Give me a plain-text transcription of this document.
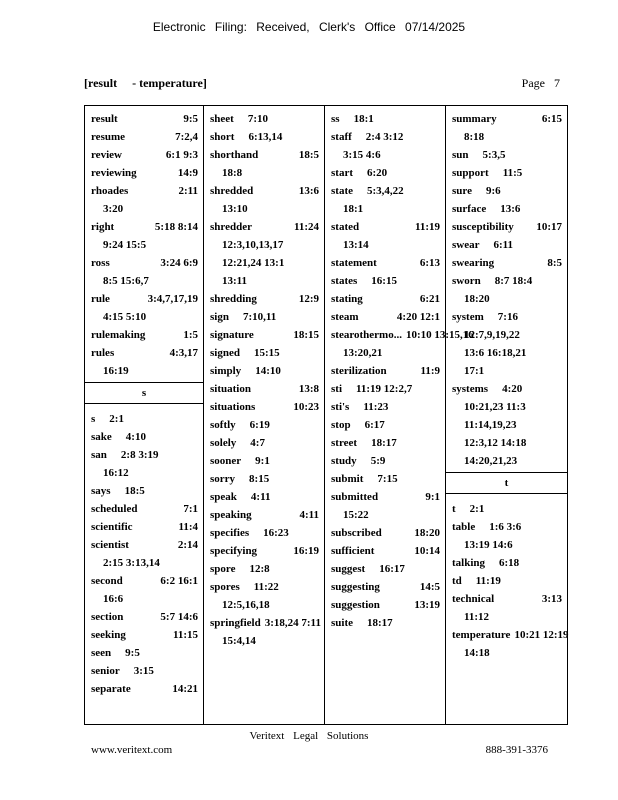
Electronic Filing: Received, Clerk's Office 07/14/2025
[result     - temperature]	Page 7
result	9:5
resume	7:2,4
review	6:1 9:3
reviewing	14:9
rhoades	2:11
3:20
right	5:18 8:14
9:24 15:5
ross	3:24 6:9
8:5 15:6,7
rule	3:4,7,17,19
4:15 5:10
rulemaking	1:5
rules	4:3,17
16:19
s
s	2:1
sake	4:10
san	2:8 3:19
16:12
says	18:5
scheduled	7:1
scientific	11:4
scientist	2:14
2:15 3:13,14
second	6:2 16:1
16:6
section	5:7 14:6
seeking	11:15
seen	9:5
senior	3:15
separate	14:21
sheet	7:10
short	6:13,14
shorthand	18:5
18:8
shredded	13:6
13:10
shredder	11:24
12:3,10,13,17
12:21,24 13:1
13:11
shredding	12:9
sign	7:10,11
signature	18:15
signed	15:15
simply	14:10
situation	13:8
situations	10:23
softly	6:19
solely	4:7
sooner	9:1
sorry	8:15
speak	4:11
speaking	4:11
specifies	16:23
specifying	16:19
spore	12:8
spores	11:22
12:5,16,18
springfield 3:18,24 7:11
15:4,14
ss	18:1
staff	2:4 3:12
3:15 4:6
start	6:20
state	5:3,4,22
18:1
stated	11:19
13:14
statement	6:13
states	16:15
stating	6:21
steam	4:20 12:1
stearothermo... 10:10 13:15,16
13:20,21
sterilization	11:9
sti	11:19 12:2,7
sti's	11:23
stop	6:17
street	18:17
study	5:9
submit	7:15
submitted	9:1
15:22
subscribed	18:20
sufficient	10:14
suggest	16:17
suggesting	14:5
suggestion	13:19
suite	18:17
summary	6:15
8:18
sun	5:3,5
support	11:5
sure	9:6
surface	13:6
susceptibility	10:17
swear	6:11
swearing	8:5
sworn	8:7 18:4
18:20
system	7:16
12:7,9,19,22
13:6 16:18,21
17:1
systems	4:20
10:21,23 11:3
11:14,19,23
12:3,12 14:18
14:20,21,23
t
t	2:1
table	1:6 3:6
13:19 14:6
talking	6:18
td	11:19
technical	3:13
11:12
temperature 10:21 12:19
14:18
Veritext Legal Solutions
www.veritext.com	888-391-3376
